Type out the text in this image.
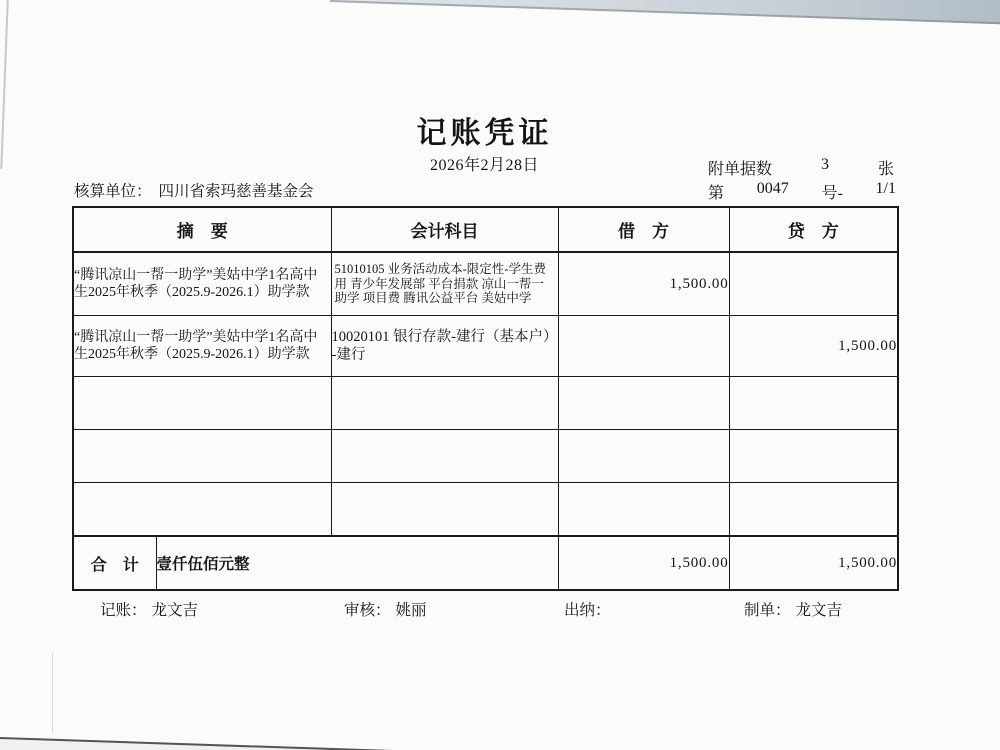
记账凭证
2026年2月28日	附单据数	3	张
核算单位： 四川省索玛慈善基金会	第 0047 号- 1/1
摘　要		会计科目	借　方	贷　方
“腾讯凉山一帮一助学”美姑中学1名高中生2025年秋季（2025.9-2026.1）助学款		51010105 业务活动成本-限定性-学生费用 青少年发展部 平台捐款 凉山一帮一助学 项目费 腾讯公益平台 美姑中学	1,500.00	
“腾讯凉山一帮一助学”美姑中学1名高中生2025年秋季（2025.9-2026.1）助学款		10020101 银行存款-建行（基本户）-建行		1,500.00

合　计	壹仟伍佰元整		1,500.00	1,500.00
记账： 龙文吉	审核： 姚丽	出纳：	制单： 龙文吉
